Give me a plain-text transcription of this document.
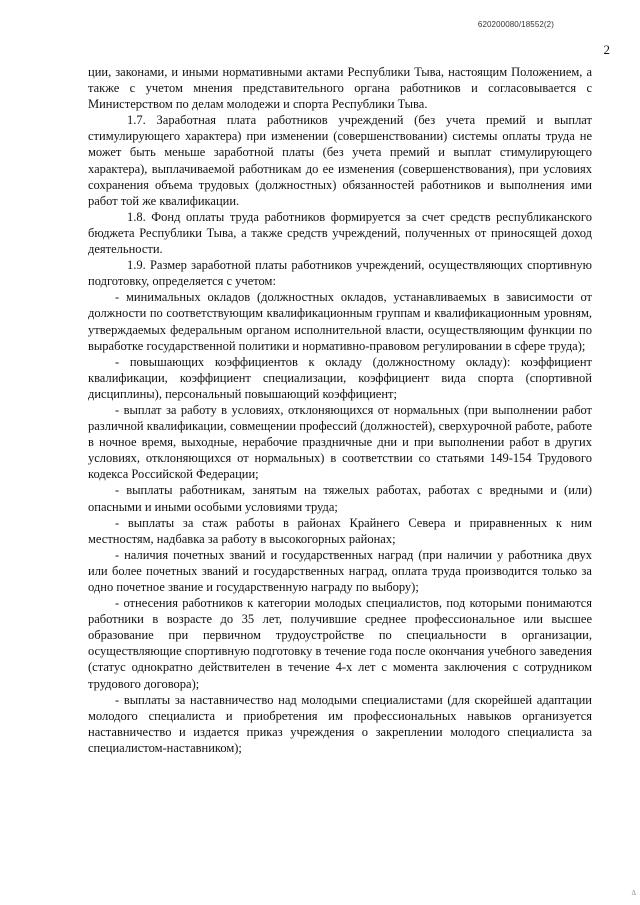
620200080/18552(2)
2

ции, законами, и иными нормативными актами Республики Тыва, настоящим Положением, а также с учетом мнения представительного органа работников и согласовывается с Министерством по делам молодежи и спорта Республики Тыва.

1.7. Заработная плата работников учреждений (без учета премий и выплат стимулирующего характера) при изменении (совершенствовании) системы оплаты труда не может быть меньше заработной платы (без учета премий и выплат стимулирующего характера), выплачиваемой работникам до ее изменения (совершенствования), при условиях сохранения объема трудовых (должностных) обязанностей работников и выполнения ими работ той же квалификации.

1.8. Фонд оплаты труда работников формируется за счет средств республиканского бюджета Республики Тыва, а также средств учреждений, полученных от приносящей доход деятельности.

1.9. Размер заработной платы работников учреждений, осуществляющих спортивную подготовку, определяется с учетом:

- минимальных окладов (должностных окладов, устанавливаемых в зависимости от должности по соответствующим квалификационным группам и квалификационным уровням, утверждаемых федеральным органом исполнительной власти, осуществляющим функции по выработке государственной политики и нормативно-правовом регулировании в сфере труда);

- повышающих коэффициентов к окладу (должностному окладу): коэффициент квалификации, коэффициент специализации, коэффициент вида спорта (спортивной дисциплины), персональный повышающий коэффициент;

- выплат за работу в условиях, отклоняющихся от нормальных (при выполнении работ различной квалификации, совмещении профессий (должностей), сверхурочной работе, работе в ночное время, выходные, нерабочие праздничные дни и при выполнении работ в других условиях, отклоняющихся от нормальных) в соответствии со статьями 149-154 Трудового кодекса Российской Федерации;

- выплаты работникам, занятым на тяжелых работах, работах с вредными и (или) опасными и иными особыми условиями труда;

- выплаты за стаж работы в районах Крайнего Севера и приравненных к ним местностям, надбавка за работу в высокогорных районах;

- наличия почетных званий и государственных наград (при наличии у работника двух или более почетных званий и государственных наград, оплата труда производится только за одно почетное звание и государственную награду по выбору);

- отнесения работников к категории молодых специалистов, под которыми понимаются работники в возрасте до 35 лет, получившие среднее профессиональное или высшее образование при первичном трудоустройстве по специальности в организации, осуществляющие спортивную подготовку в течение года после окончания учебного заведения (статус однократно действителен в течение 4-х лет с момента заключения с сотрудником трудового договора);

- выплаты за наставничество над молодыми специалистами (для скорейшей адаптации молодого специалиста и приобретения им профессиональных навыков организуется наставничество и издается приказ учреждения о закреплении молодого специалиста за специалистом-наставником);

Δ
